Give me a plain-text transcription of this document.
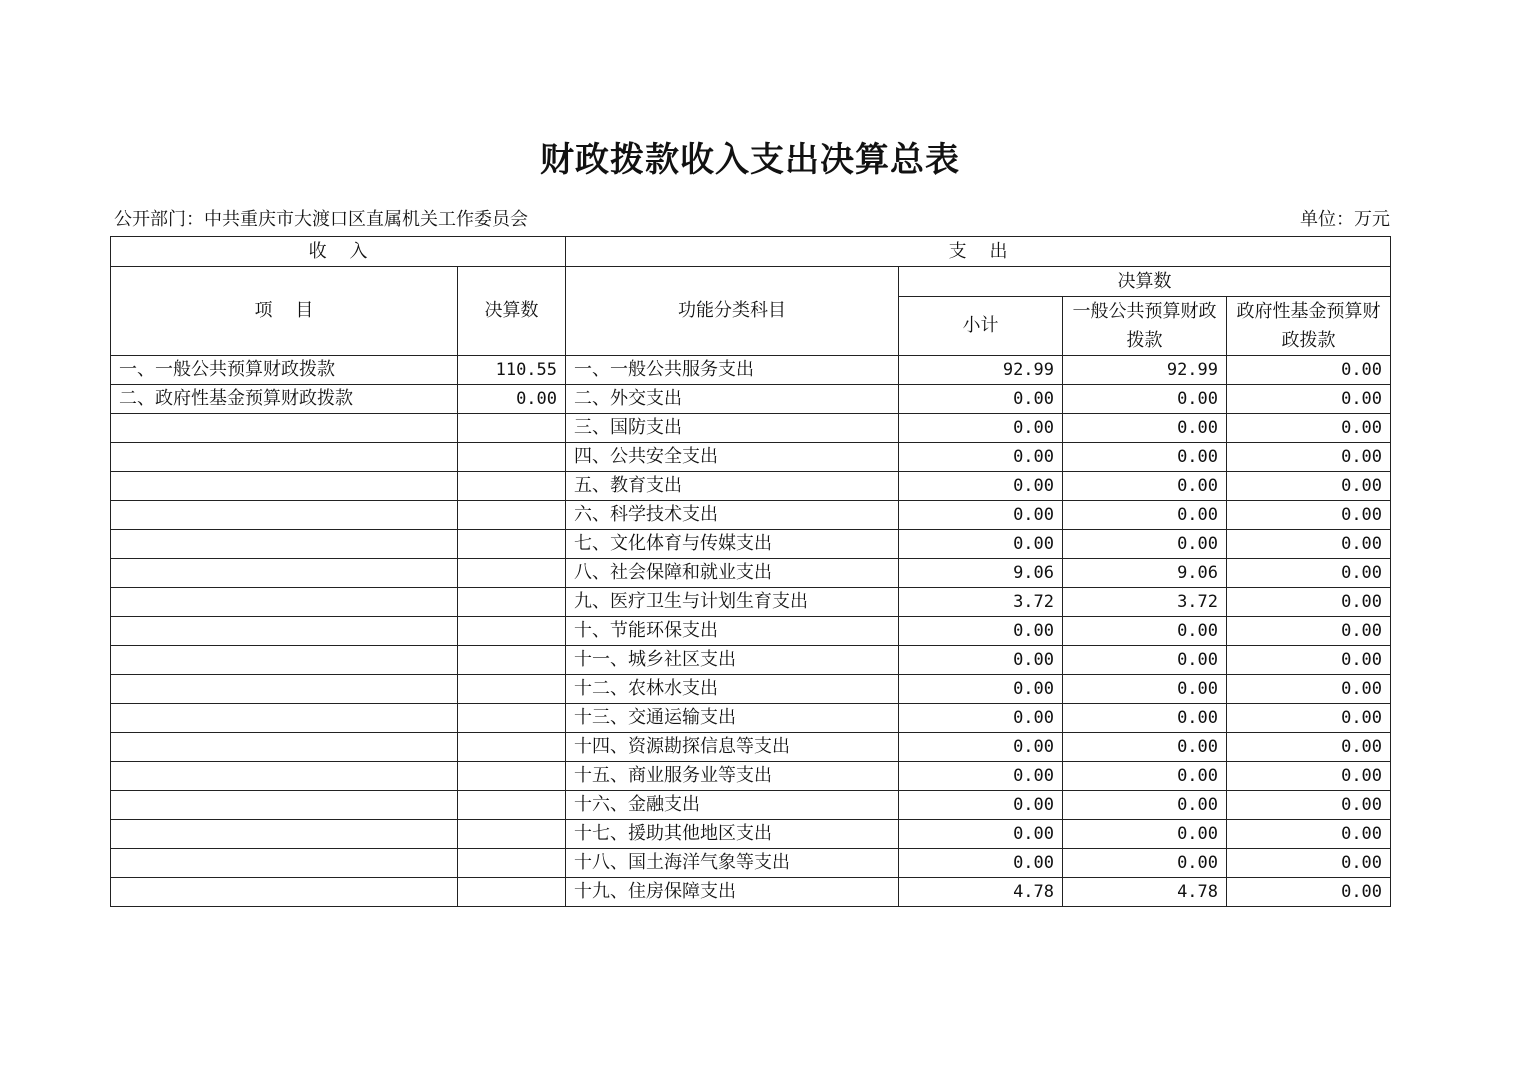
财政拨款收入支出决算总表
公开部门：中共重庆市大渡口区直属机关工作委员会	单位：万元
收    入		支    出			
项    目	决算数	功能分类科目	决算数		
			小计	一般公共预算财政拨款	政府性基金预算财政拨款
一、一般公共预算财政拨款	110.55	一、一般公共服务支出	92.99	92.99	0.00
二、政府性基金预算财政拨款	0.00	二、外交支出	0.00	0.00	0.00
		三、国防支出	0.00	0.00	0.00
		四、公共安全支出	0.00	0.00	0.00
		五、教育支出	0.00	0.00	0.00
		六、科学技术支出	0.00	0.00	0.00
		七、文化体育与传媒支出	0.00	0.00	0.00
		八、社会保障和就业支出	9.06	9.06	0.00
		九、医疗卫生与计划生育支出	3.72	3.72	0.00
		十、节能环保支出	0.00	0.00	0.00
		十一、城乡社区支出	0.00	0.00	0.00
		十二、农林水支出	0.00	0.00	0.00
		十三、交通运输支出	0.00	0.00	0.00
		十四、资源勘探信息等支出	0.00	0.00	0.00
		十五、商业服务业等支出	0.00	0.00	0.00
		十六、金融支出	0.00	0.00	0.00
		十七、援助其他地区支出	0.00	0.00	0.00
		十八、国土海洋气象等支出	0.00	0.00	0.00
		十九、住房保障支出	4.78	4.78	0.00
